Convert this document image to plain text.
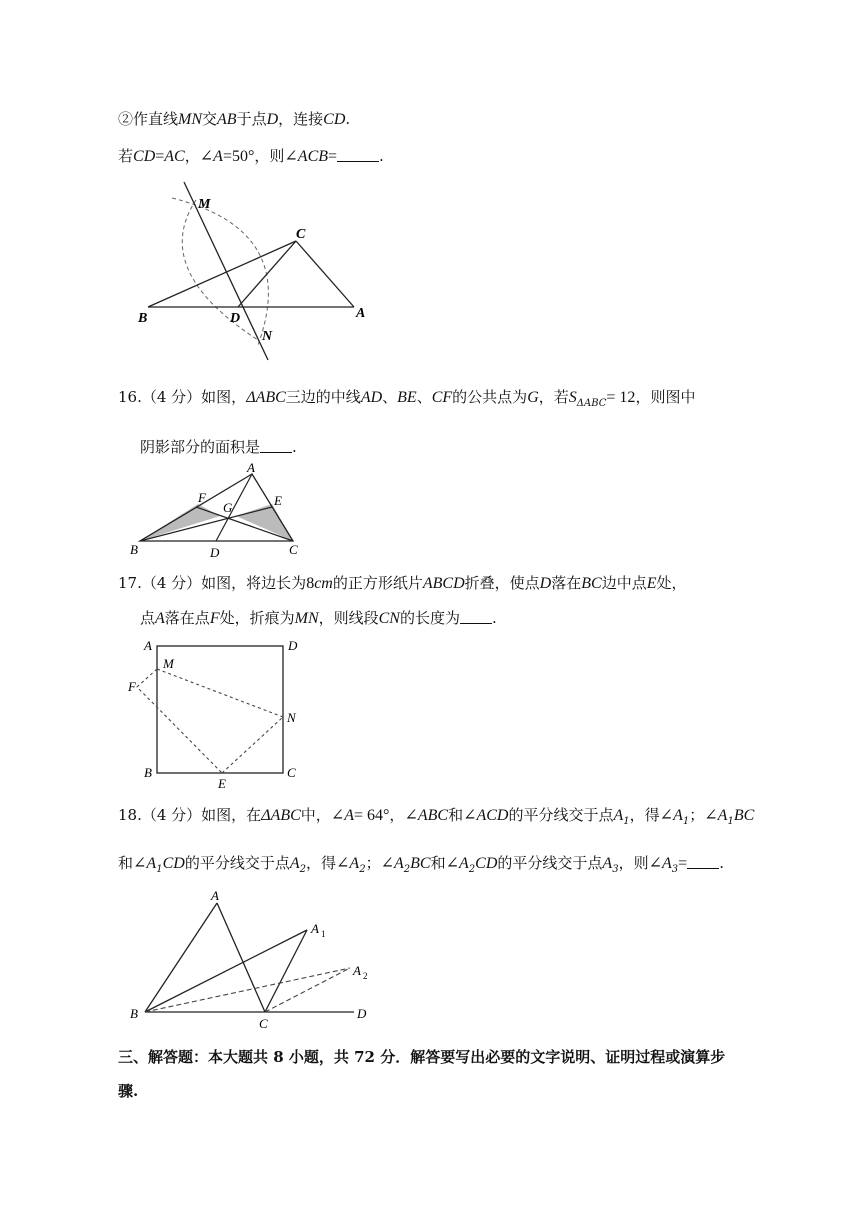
②作直线MN交AB于点D，连接CD.
若CD=AC，∠A=50°，则∠ACB=	.
M
C
B	D	A
N
16.（4 分）如图，ΔABC三边的中线AD、BE、CF的公共点为G，若$S_{\Delta ABC}= 12$，则图中
阴影部分的面积是 .
A
F
G	E
B	D	C
17.（4 分）如图，将边长为8cm的正方形纸片ABCD折叠，使点D落在BC边中点E处，
点A落在点F处，折痕为MN，则线段CN的长度为 .
A
M
D
F
N
B
E
C
18.（4 分）如图，在ΔABC中，∠A= 64°，∠ABC和∠ACD的平分线交于点$A_1$，得$\angle A_1$；$\angle A_1BC$
和$\angle A_1CD$的平分线交于点$A_2$，得$\angle A_2$；$\angle A_2BC$和$\angle A_2CD$的平分线交于点$A_3$，则$\angle A_3=$ .
A
A 1
A 2
B
C
D
三、解答题：本大题共 8 小题，共 72 分．解答要写出必要的文字说明、证明过程或演算步
骤.
